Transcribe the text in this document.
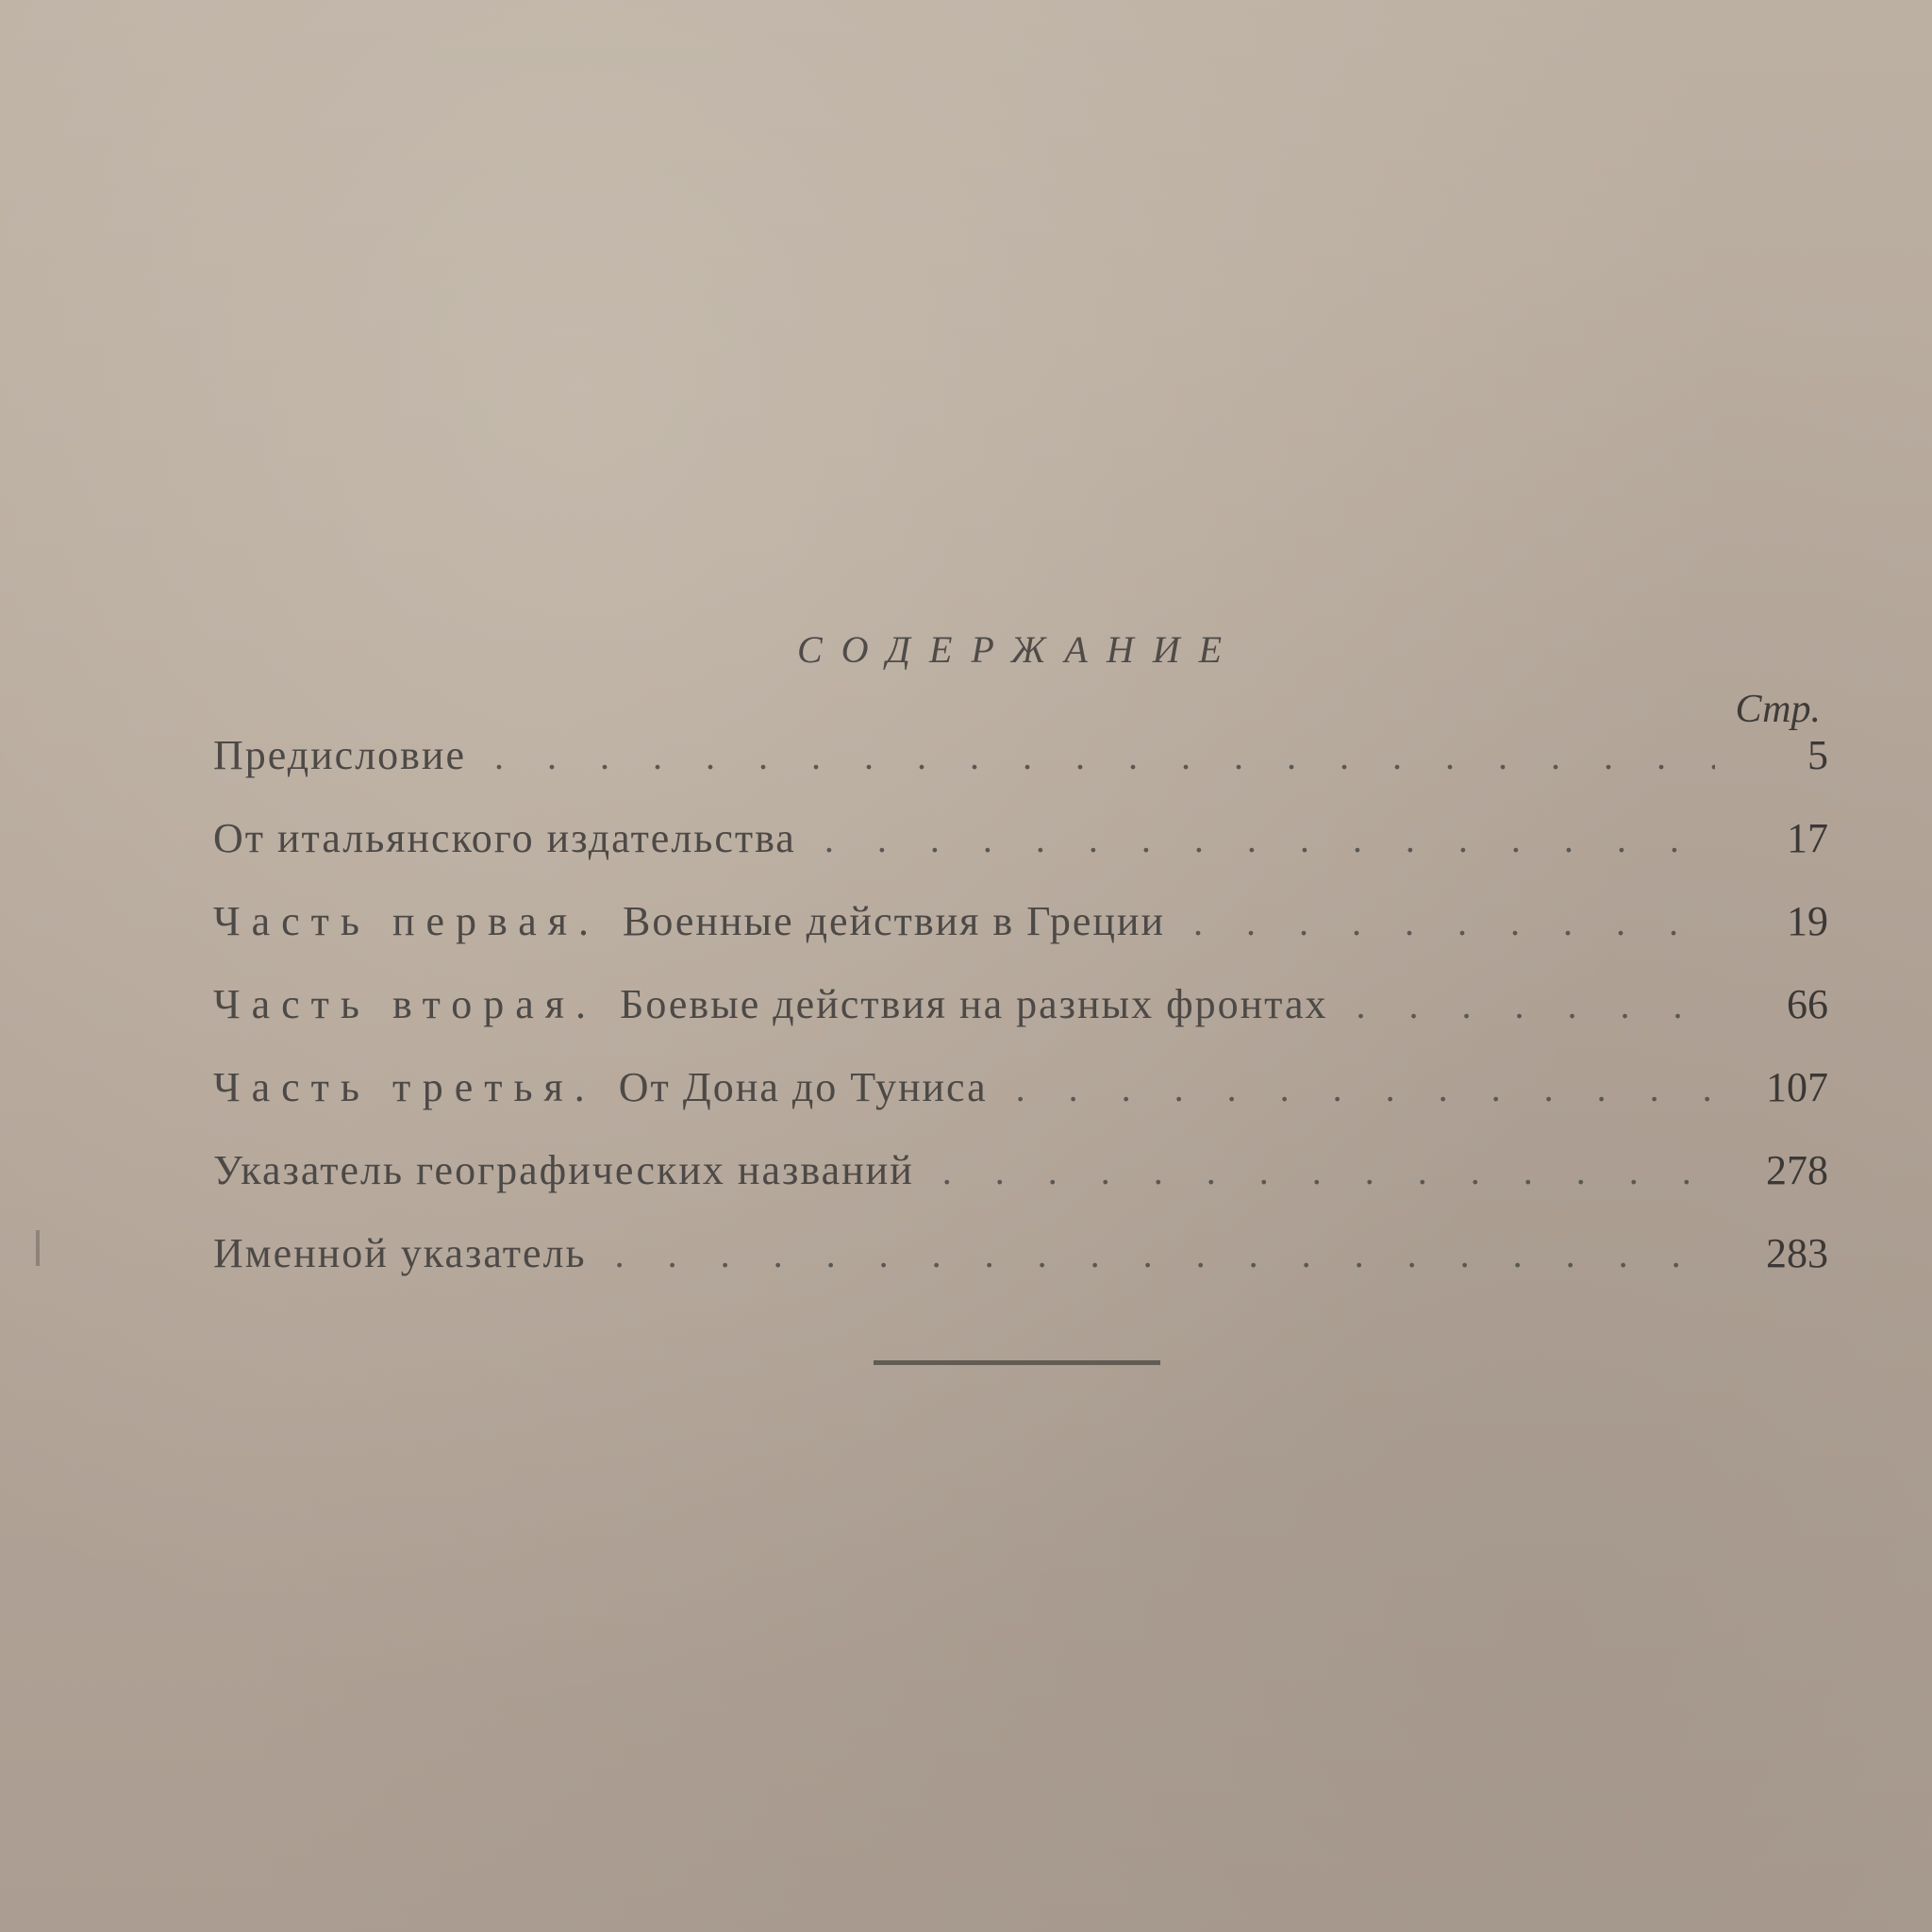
СОДЕРЖАНИЕ
Стр.
Предисловие . . .	5
От итальянского издательства . . .	17
Часть первая. Военные действия в Греции . . .	19
Часть вторая. Боевые действия на разных фронтах . . .	66
Часть третья. От Дона до Туниса . . .	107
Указатель географических названий . . .	278
Именной указатель . . .	283
